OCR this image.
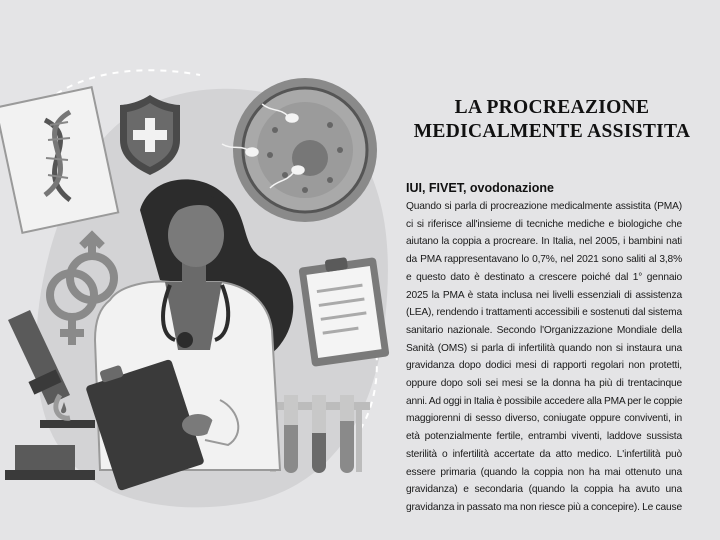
LA PROCREAZIONE
MEDICALMENTE ASSISTITA
IUI, FIVET, ovodonazione
Quando si parla di procreazione medicalmente assistita (PMA)
ci si riferisce all'insieme di tecniche mediche e biologiche che
aiutano la coppia a procreare. In Italia, nel 2005, i bambini nati
da PMA rappresentavano lo 0,7%, nel 2021 sono saliti al 3,8%
e questo dato è destinato a crescere poiché dal 1° gennaio
2025 la PMA è stata inclusa nei livelli essenziali di assistenza
(LEA), rendendo i trattamenti accessibili e sostenuti dal sistema
sanitario nazionale. Secondo l'Organizzazione Mondiale della
Sanità (OMS) si parla di infertilità quando non si instaura una
gravidanza dopo dodici mesi di rapporti regolari non protetti,
oppure dopo soli sei mesi se la donna ha più di trentacinque
anni. Ad oggi in Italia è possibile accedere alla PMA per le coppie
maggiorenni di sesso diverso, coniugate oppure conviventi, in
età potenzialmente fertile, entrambi viventi, laddove sussista
sterilità o infertilità accertate da atto medico. L'infertilità può
essere primaria (quando la coppia non ha mai ottenuto una
gravidanza) e secondaria (quando la coppia ha avuto una
gravidanza in passato ma non riesce più a concepire). Le cause
